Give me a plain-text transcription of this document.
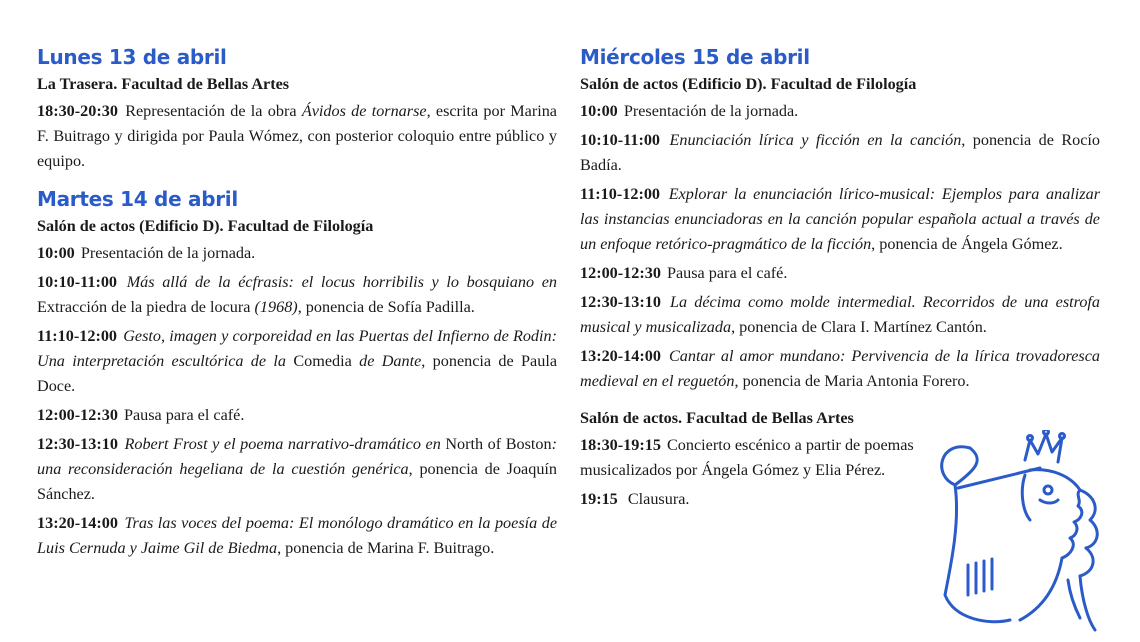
Lunes 13 de abril
La Trasera. Facultad de Bellas Artes

18:30-20:30 Representación de la obra Ávidos de tornarse, escrita por Marina F. Buitrago y dirigida por Paula Wómez, con posterior coloquio entre público y equipo.

Martes 14 de abril
Salón de actos (Edificio D). Facultad de Filología

10:00 Presentación de la jornada.

10:10-11:00 Más allá de la écfrasis: el locus horribilis y lo bosquiano en Extracción de la piedra de locura (1968), ponencia de Sofía Padilla.

11:10-12:00 Gesto, imagen y corporeidad en las Puertas del Infierno de Rodin: Una interpretación escultórica de la Comedia de Dante, ponencia de Paula Doce.

12:00-12:30 Pausa para el café.

12:30-13:10 Robert Frost y el poema narrativo-dramático en North of Boston: una reconsideración hegeliana de la cuestión genérica, ponencia de Joaquín Sánchez.

13:20-14:00 Tras las voces del poema: El monólogo dramático en la poesía de Luis Cernuda y Jaime Gil de Biedma, ponencia de Marina F. Buitrago.

Miércoles 15 de abril
Salón de actos (Edificio D). Facultad de Filología

10:00 Presentación de la jornada.

10:10-11:00 Enunciación lírica y ficción en la canción, ponencia de Rocío Badía.

11:10-12:00 Explorar la enunciación lírico-musical: Ejemplos para analizar las instancias enunciadoras en la canción popular española actual a través de un enfoque retórico-pragmático de la ficción, ponencia de Ángela Gómez.

12:00-12:30 Pausa para el café.

12:30-13:10 La décima como molde intermedial. Recorridos de una estrofa musical y musicalizada, ponencia de Clara I. Martínez Cantón.

13:20-14:00 Cantar al amor mundano: Pervivencia de la lírica trovadoresca medieval en el reguetón, ponencia de Maria Antonia Forero.

Salón de actos. Facultad de Bellas Artes

18:30-19:15 Concierto escénico a partir de poemas musicalizados por Ángela Gómez y Elia Pérez.

19:15  Clausura.
